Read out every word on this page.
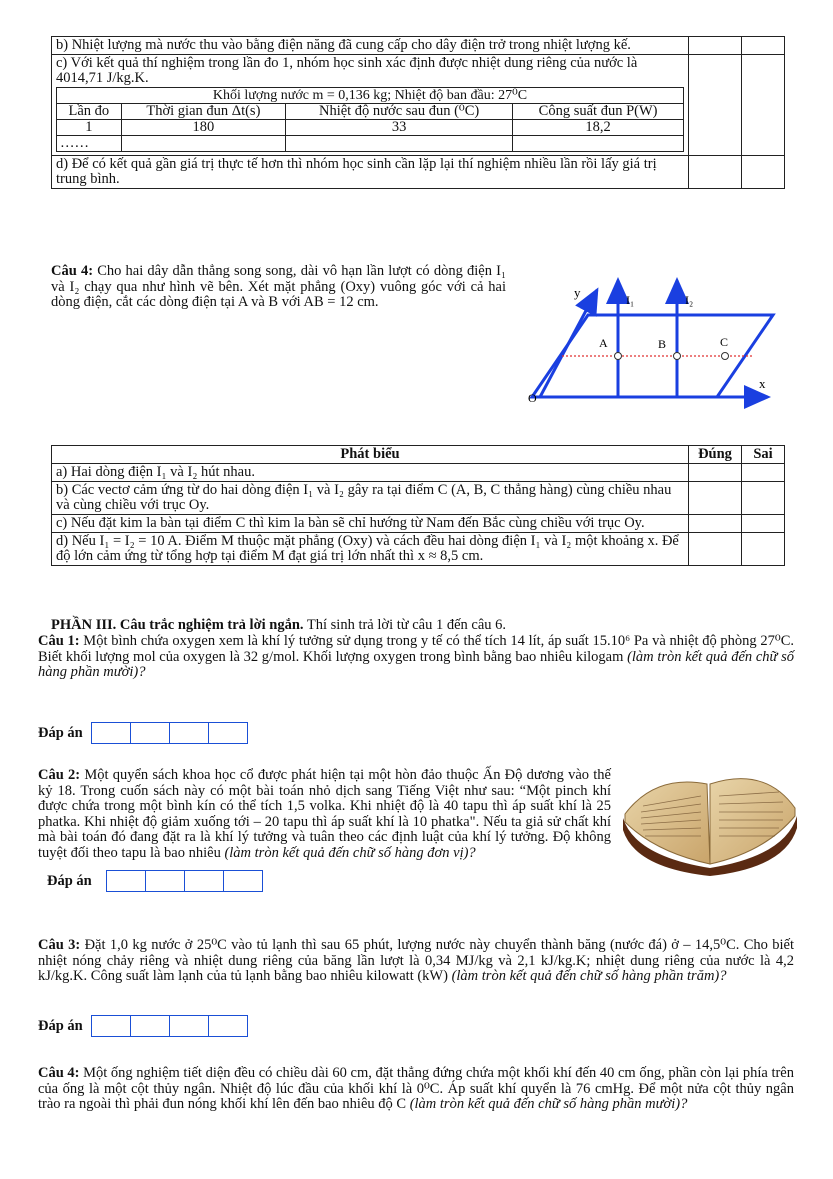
b) Nhiệt lượng mà nước thu vào bằng điện năng đã cung cấp cho dây điện trở trong nhiệt lượng kế.		

c) Với kết quả thí nghiệm trong lần đo 1, nhóm học sinh xác định được nhiệt dung riêng của nước là 4014,71 J/kg.K.
Khối lượng nước m = 0,136 kg; Nhiệt độ ban đầu: 27⁰C
Lần đo	Thời gian đun Δt(s)	Nhiệt độ nước sau đun (⁰C)	Công suất đun P(W)
1	180	33	18,2
……			

d) Để có kết quả gần giá trị thực tế hơn thì nhóm học sinh cần lặp lại thí nghiệm nhiều lần rồi lấy giá trị trung bình.		
Câu 4: Cho hai dây dẫn thẳng song song, dài vô hạn lần lượt có dòng điện I₁ và I₂ chạy qua như hình vẽ bên. Xét mặt phẳng (Oxy) vuông góc với cả hai dòng điện, cắt các dòng điện tại A và B với AB = 12 cm.
y
x
O
I₁	I₂
A	B	C
Phát biểu	Đúng	Sai
a) Hai dòng điện I₁ và I₂ hút nhau.		
b) Các vectơ cảm ứng từ do hai dòng điện I₁ và I₂ gây ra tại điểm C (A, B, C thẳng hàng) cùng chiều nhau và cùng chiều với trục Oy.		
c) Nếu đặt kim la bàn tại điểm C thì kim la bàn sẽ chỉ hướng từ Nam đến Bắc cùng chiều với trục Oy.		
d) Nếu I₁ = I₂ = 10 A. Điểm M thuộc mặt phẳng (Oxy) và cách đều hai dòng điện I₁ và I₂ một khoảng x. Để độ lớn cảm ứng từ tổng hợp tại điểm M đạt giá trị lớn nhất thì x ≈ 8,5 cm.		
PHẦN III. Câu trắc nghiệm trả lời ngắn. Thí sinh trả lời từ câu 1 đến câu 6.
Câu 1: Một bình chứa oxygen xem là khí lý tưởng sử dụng trong y tế có thể tích 14 lít, áp suất 15.10⁶ Pa và nhiệt độ phòng 27⁰C. Biết khối lượng mol của oxygen là 32 g/mol. Khối lượng oxygen trong bình bằng bao nhiêu kilogam (làm tròn kết quả đến chữ số hàng phần mười)?
Đáp án
Câu 2: Một quyển sách khoa học cổ được phát hiện tại một hòn đảo thuộc Ấn Độ dương vào thế kỷ 18. Trong cuốn sách này có một bài toán nhỏ dịch sang Tiếng Việt như sau: “Một pinch khí được chứa trong một bình kín có thể tích 1,5 volka. Khi nhiệt độ là 40 tapu thì áp suất khí là 25 phatka. Khi nhiệt độ giảm xuống tới – 20 tapu thì áp suất khí là 10 phatka". Nếu ta giả sử chất khí mà bài toán đó đang đặt ra là khí lý tưởng và tuân theo các định luật của khí lý tưởng. Độ không tuyệt đối theo tapu là bao nhiêu (làm tròn kết quả đến chữ số hàng đơn vị)?
Đáp án
Câu 3: Đặt 1,0 kg nước ở 25⁰C vào tủ lạnh thì sau 65 phút, lượng nước này chuyển thành băng (nước đá) ở – 14,5⁰C. Cho biết nhiệt nóng chảy riêng và nhiệt dung riêng của băng lần lượt là 0,34 MJ/kg và 2,1 kJ/kg.K; nhiệt dung riêng của nước là 4,2 kJ/kg.K. Công suất làm lạnh của tủ lạnh bằng bao nhiêu kilowatt (kW) (làm tròn kết quả đến chữ số hàng phần trăm)?
Đáp án
Câu 4: Một ống nghiệm tiết diện đều có chiều dài 60 cm, đặt thẳng đứng chứa một khối khí đến 40 cm ống, phần còn lại phía trên của ống là một cột thủy ngân. Nhiệt độ lúc đầu của khối khí là 0⁰C. Áp suất khí quyển là 76 cmHg. Để một nửa cột thủy ngân trào ra ngoài thì phải đun nóng khối khí lên đến bao nhiêu độ C (làm tròn kết quả đến chữ số hàng phần mười)?
